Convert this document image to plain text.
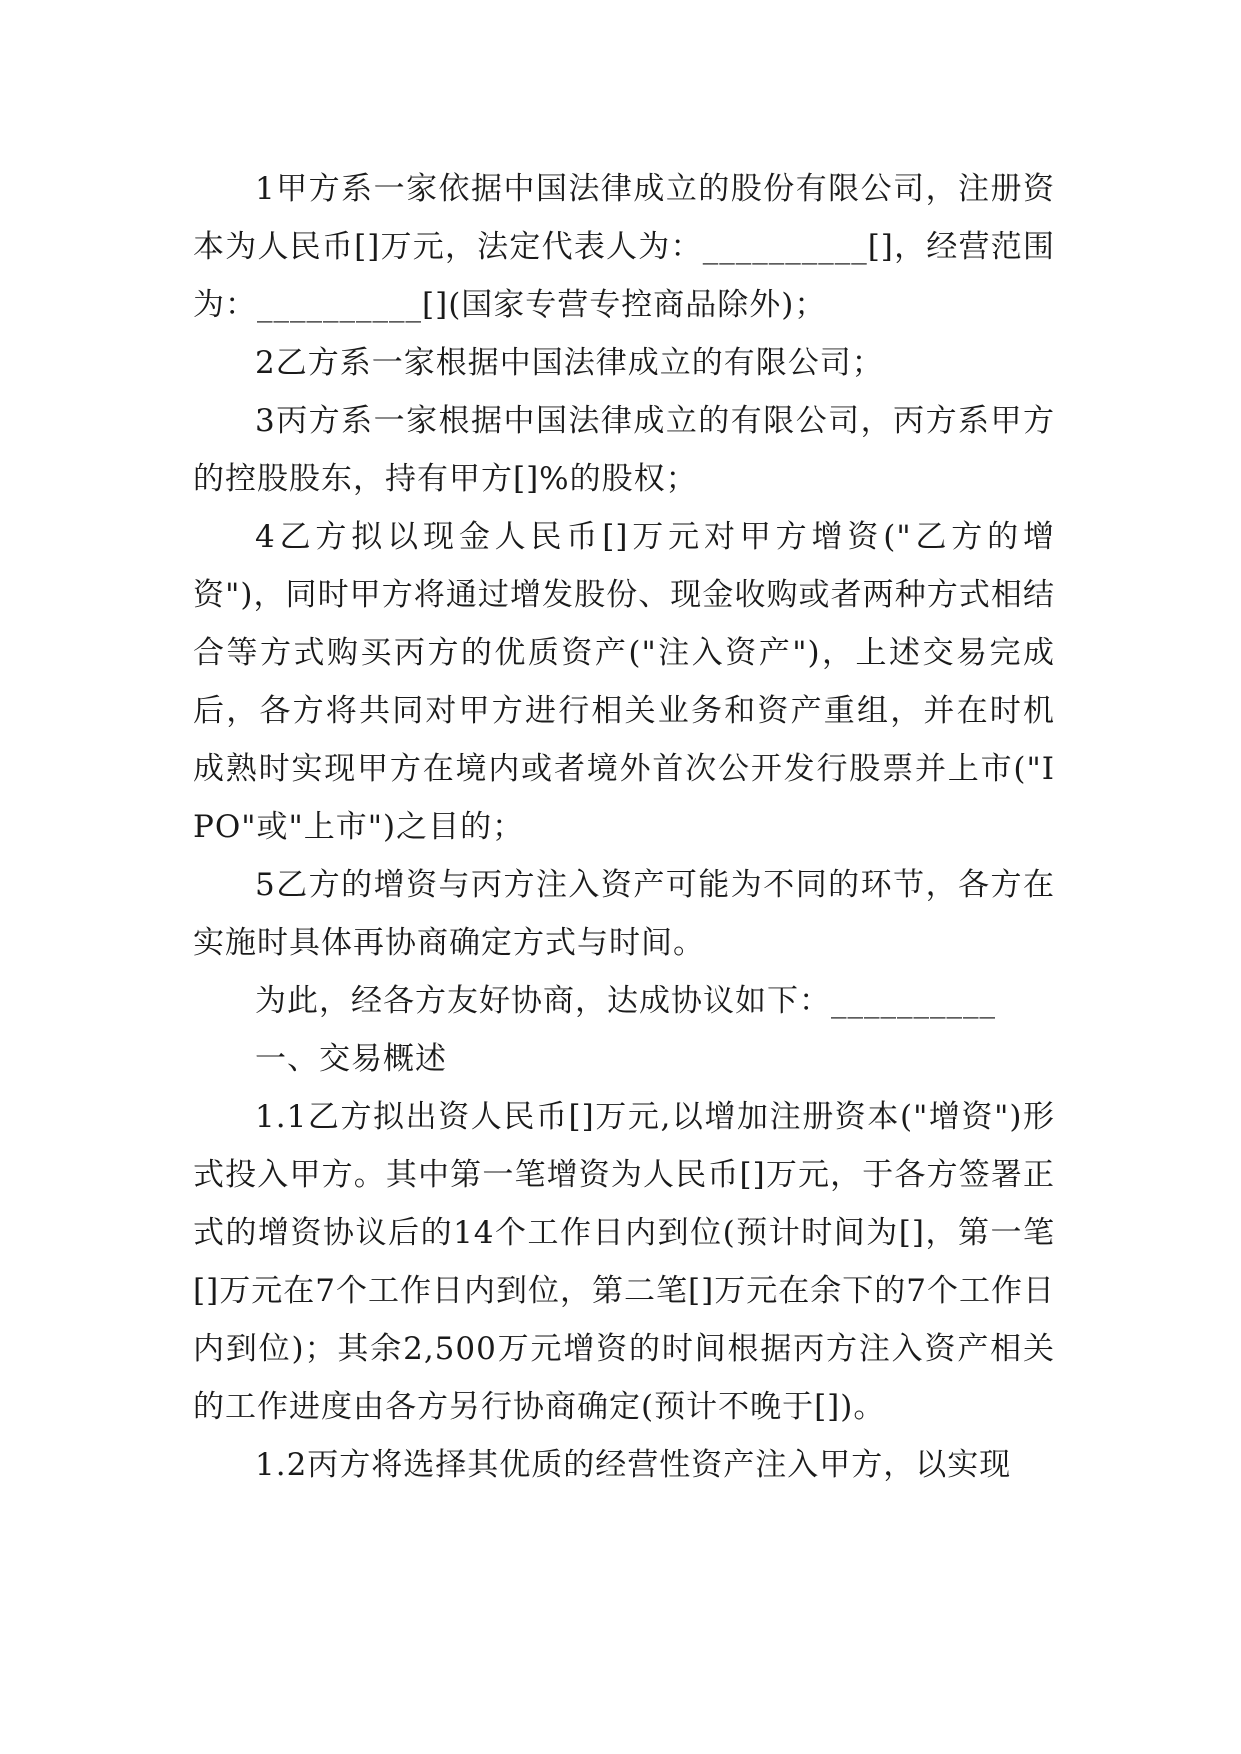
1甲方系一家依据中国法律成立的股份有限公司，注册资本为人民币[]万元，法定代表人为：__________[]，经营范围为：__________[](国家专营专控商品除外)；

2乙方系一家根据中国法律成立的有限公司；

3丙方系一家根据中国法律成立的有限公司，丙方系甲方的控股股东，持有甲方[]%的股权；

4乙方拟以现金人民币[]万元对甲方增资("乙方的增资")，同时甲方将通过增发股份、现金收购或者两种方式相结合等方式购买丙方的优质资产("注入资产")，上述交易完成后，各方将共同对甲方进行相关业务和资产重组，并在时机成熟时实现甲方在境内或者境外首次公开发行股票并上市("IPO"或"上市")之目的；

5乙方的增资与丙方注入资产可能为不同的环节，各方在实施时具体再协商确定方式与时间。

为此，经各方友好协商，达成协议如下：__________

一、交易概述

1.1乙方拟出资人民币[]万元,以增加注册资本("增资")形式投入甲方。其中第一笔增资为人民币[]万元，于各方签署正式的增资协议后的14个工作日内到位(预计时间为[]，第一笔[]万元在7个工作日内到位，第二笔[]万元在余下的7个工作日内到位)；其余2,500万元增资的时间根据丙方注入资产相关的工作进度由各方另行协商确定(预计不晚于[])。

1.2丙方将选择其优质的经营性资产注入甲方，以实现
